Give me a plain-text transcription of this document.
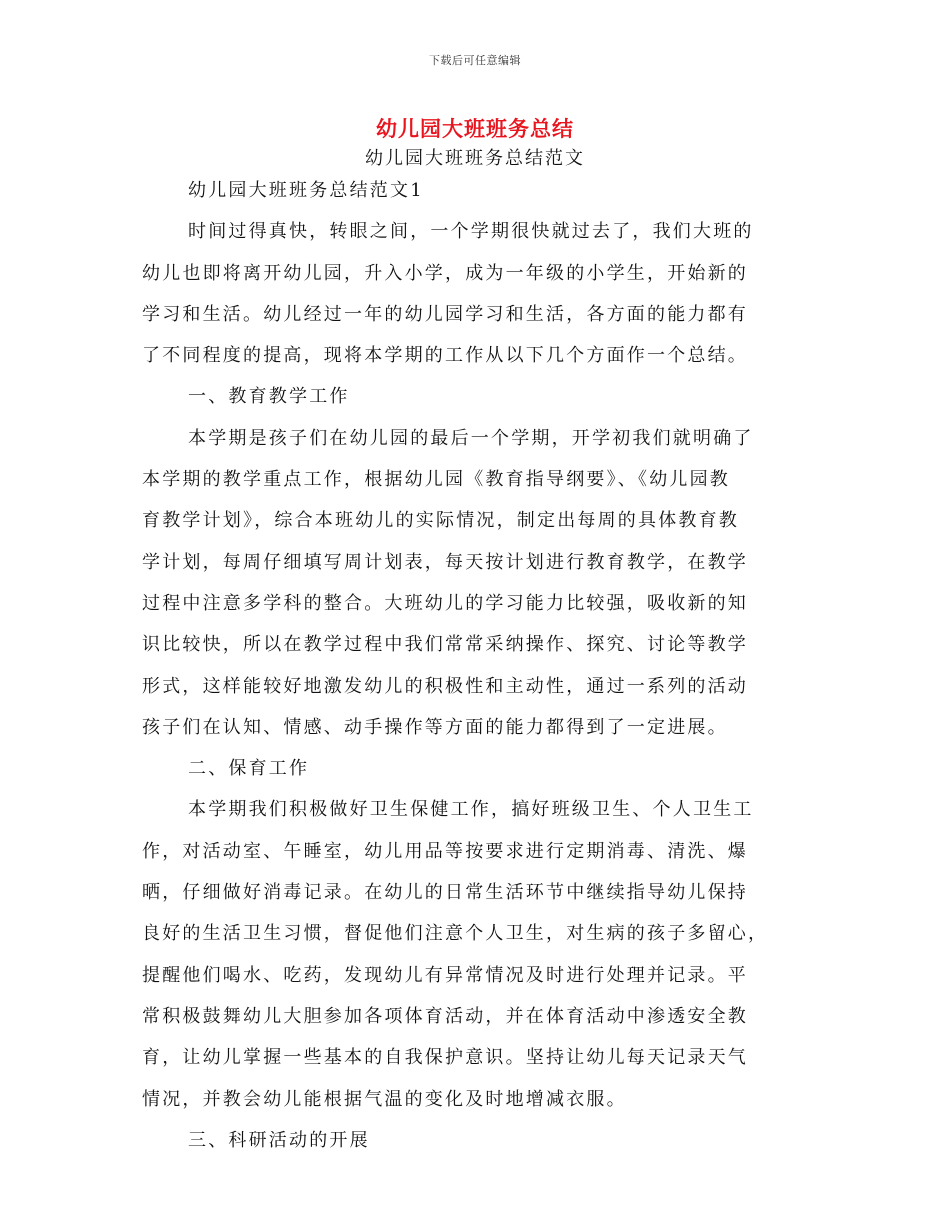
下载后可任意编辑
幼儿园大班班务总结
幼儿园大班班务总结范文
幼儿园大班班务总结范文1
时间过得真快，转眼之间，一个学期很快就过去了，我们大班的
幼儿也即将离开幼儿园，升入小学，成为一年级的小学生，开始新的
学习和生活。幼儿经过一年的幼儿园学习和生活，各方面的能力都有
了不同程度的提高，现将本学期的工作从以下几个方面作一个总结。
一、教育教学工作
本学期是孩子们在幼儿园的最后一个学期，开学初我们就明确了
本学期的教学重点工作，根据幼儿园《教育指导纲要》、《幼儿园教
育教学计划》，综合本班幼儿的实际情况，制定出每周的具体教育教
学计划，每周仔细填写周计划表，每天按计划进行教育教学，在教学
过程中注意多学科的整合。大班幼儿的学习能力比较强，吸收新的知
识比较快，所以在教学过程中我们常常采纳操作、探究、讨论等教学
形式，这样能较好地激发幼儿的积极性和主动性，通过一系列的活动
孩子们在认知、情感、动手操作等方面的能力都得到了一定进展。
二、保育工作
本学期我们积极做好卫生保健工作，搞好班级卫生、个人卫生工
作，对活动室、午睡室，幼儿用品等按要求进行定期消毒、清洗、爆
晒，仔细做好消毒记录。在幼儿的日常生活环节中继续指导幼儿保持
良好的生活卫生习惯，督促他们注意个人卫生，对生病的孩子多留心，
提醒他们喝水、吃药，发现幼儿有异常情况及时进行处理并记录。平
常积极鼓舞幼儿大胆参加各项体育活动，并在体育活动中渗透安全教
育，让幼儿掌握一些基本的自我保护意识。坚持让幼儿每天记录天气
情况，并教会幼儿能根据气温的变化及时地增减衣服。
三、科研活动的开展
